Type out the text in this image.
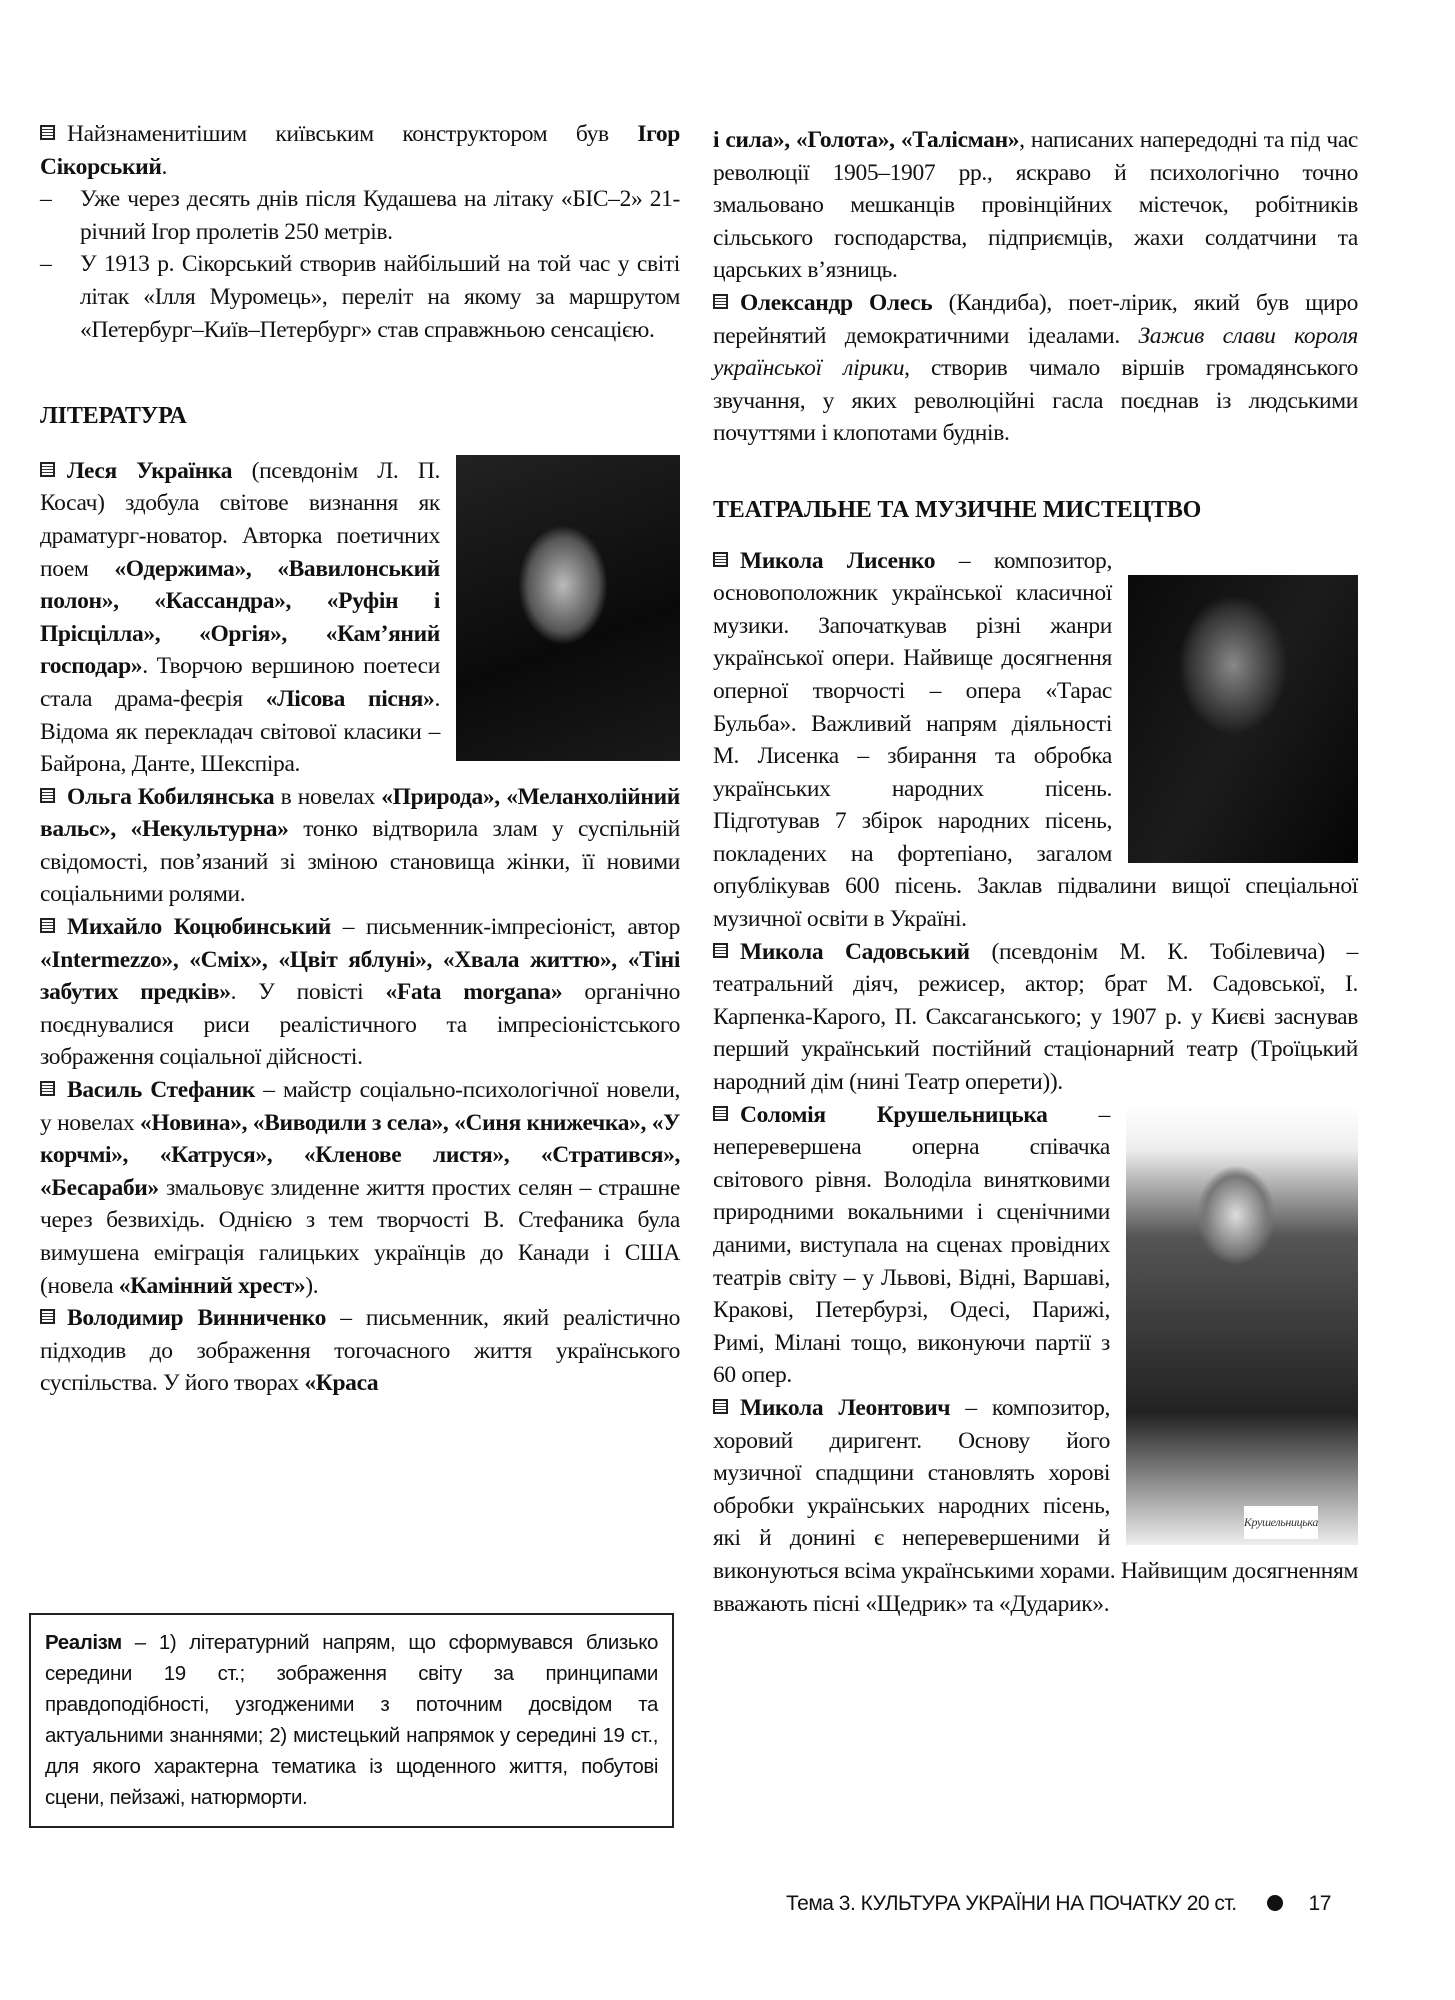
Найзнаменитішим київським конструктором був Ігор Сікорський.

– Уже через десять днів після Кудашева на літаку «БІС–2» 21-річний Ігор пролетів 250 метрів.

– У 1913 р. Сікорський створив найбільший на той час у світі літак «Ілля Муромець», переліт на якому за маршрутом «Петербург–Київ–Петербург» став справжньою сенсацією.

ЛІТЕРАТУРА

Леся Українка (псевдонім Л. П. Косач) здобула світове визнання як драматург-новатор. Авторка поетичних поем «Одержима», «Вавилонський полон», «Кассандра», «Руфін і Прісцілла», «Оргія», «Кам’яний господар». Творчою вершиною поетеси стала драма-феєрія «Лісова пісня». Відома як перекладач світової класики – Байрона, Данте, Шекспіра.

Ольга Кобилянська в новелах «Природа», «Меланхолійний вальс», «Некультурна» тонко відтворила злам у суспільній свідомості, пов’язаний зі зміною становища жінки, її новими соціальними ролями.

Михайло Коцюбинський – письменник-імпресіоніст, автор «Intermezzo», «Сміх», «Цвіт яблуні», «Хвала життю», «Тіні забутих предків». У повісті «Fata morgana» органічно поєднувалися риси реалістичного та імпресіоністського зображення соціальної дійсності.

Василь Стефаник – майстр соціально-психологічної новели, у новелах «Новина», «Виводили з села», «Синя книжечка», «У корчмі», «Катруся», «Кленове листя», «Стратився», «Бесараби» змальовує злиденне життя простих селян – страшне через безвихідь. Однією з тем творчості В. Стефаника була вимушена еміграція галицьких українців до Канади і США (новела «Камінний хрест»).

Володимир Винниченко – письменник, який реалістично підходив до зображення тогочасного життя українського суспільства. У його творах «Краса

Реалізм – 1) літературний напрям, що сформувався близько середини 19 ст.; зображення світу за принципами правдоподібності, узгодженими з поточним досвідом та актуальними знаннями; 2) мистецький напрямок у середині 19 ст., для якого характерна тематика із щоденного життя, побутові сцени, пейзажі, натюрморти.

і сила», «Голота», «Талісман», написаних напередодні та під час революції 1905–1907 рр., яскраво й психологічно точно змальовано мешканців провінційних містечок, робітників сільського господарства, підприємців, жахи солдатчини та царських в’язниць.

Олександр Олесь (Кандиба), поет-лірик, який був щиро перейнятий демократичними ідеалами. Зажив слави короля української лірики, створив чимало віршів громадянського звучання, у яких революційні гасла поєднав із людськими почуттями і клопотами буднів.

ТЕАТРАЛЬНЕ ТА МУЗИЧНЕ МИСТЕЦТВО

Микола Лисенко – композитор, основоположник української класичної музики. Започаткував різні жанри української опери. Найвище досягнення оперної творчості – опера «Тарас Бульба». Важливий напрям діяльності М. Лисенка – збирання та обробка українських народних пісень. Підготував 7 збірок народних пісень, покладених на фортепіано, загалом опублікував 600 пісень. Заклав підвалини вищої спеціальної музичної освіти в Україні.

Микола Садовський (псевдонім М. К. Тобілевича) – театральний діяч, режисер, актор; брат М. Садовської, І. Карпенка-Карого, П. Саксаганського; у 1907 р. у Києві заснував перший український постійний стаціонарний театр (Троїцький народний дім (нині Театр оперети)).

Крушельницька

Соломія Крушельницька – неперевершена оперна співачка світового рівня. Володіла винятковими природними вокальними і сценічними даними, виступала на сценах провідних театрів світу – у Львові, Відні, Варшаві, Кракові, Петербурзі, Одесі, Парижі, Римі, Мілані тощо, виконуючи партії з 60 опер.

Микола Леонтович – композитор, хоровий диригент. Основу його музичної спадщини становлять хорові обробки українських народних пісень, які й донині є неперевершеними й виконуються всіма українськими хорами. Найвищим досягненням вважають пісні «Щедрик» та «Дударик».

Тема 3. КУЛЬТУРА УКРАЇНИ НА ПОЧАТКУ 20 ст.	17
